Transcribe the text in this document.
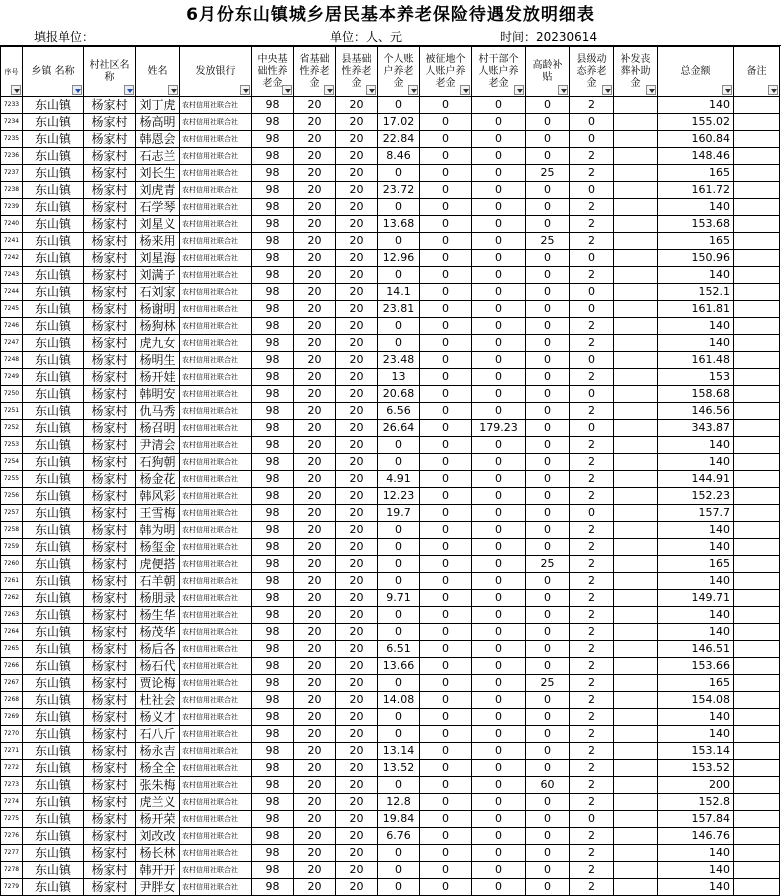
6月份东山镇城乡居民基本养老保险待遇发放明细表
填报单位：	单位：人、元	时间：20230614
序号	乡镇 名称	村社区名称	姓名	发放银行	中央基础性养老金	省基础性养老金	县基础性养老金	个人账户养老金	被征地个人账户养老金	村干部个人账户养老金	高龄补贴	县级动态养老金	补发丧葬补助金	总金额	备注

7233	东山镇	杨家村	刘丁虎	农村信用社联合社	98	20	20	0	0	0	0	2		140	
7234	东山镇	杨家村	杨高明	农村信用社联合社	98	20	20	17.02	0	0	0	0		155.02	
7235	东山镇	杨家村	韩恩会	农村信用社联合社	98	20	20	22.84	0	0	0	0		160.84	
7236	东山镇	杨家村	石志兰	农村信用社联合社	98	20	20	8.46	0	0	0	2		148.46	
7237	东山镇	杨家村	刘长生	农村信用社联合社	98	20	20	0	0	0	25	2		165	
7238	东山镇	杨家村	刘虎青	农村信用社联合社	98	20	20	23.72	0	0	0	0		161.72	
7239	东山镇	杨家村	石学琴	农村信用社联合社	98	20	20	0	0	0	0	2		140	
7240	东山镇	杨家村	刘星义	农村信用社联合社	98	20	20	13.68	0	0	0	2		153.68	
7241	东山镇	杨家村	杨来用	农村信用社联合社	98	20	20	0	0	0	25	2		165	
7242	东山镇	杨家村	刘星海	农村信用社联合社	98	20	20	12.96	0	0	0	0		150.96	
7243	东山镇	杨家村	刘满子	农村信用社联合社	98	20	20	0	0	0	0	2		140	
7244	东山镇	杨家村	石刘家	农村信用社联合社	98	20	20	14.1	0	0	0	0		152.1	
7245	东山镇	杨家村	杨谢明	农村信用社联合社	98	20	20	23.81	0	0	0	0		161.81	
7246	东山镇	杨家村	杨狗林	农村信用社联合社	98	20	20	0	0	0	0	2		140	
7247	东山镇	杨家村	虎九女	农村信用社联合社	98	20	20	0	0	0	0	2		140	
7248	东山镇	杨家村	杨明生	农村信用社联合社	98	20	20	23.48	0	0	0	0		161.48	
7249	东山镇	杨家村	杨开娃	农村信用社联合社	98	20	20	13	0	0	0	2		153	
7250	东山镇	杨家村	韩明安	农村信用社联合社	98	20	20	20.68	0	0	0	0		158.68	
7251	东山镇	杨家村	仇马秀	农村信用社联合社	98	20	20	6.56	0	0	0	2		146.56	
7252	东山镇	杨家村	杨召明	农村信用社联合社	98	20	20	26.64	0	179.23	0	0		343.87	
7253	东山镇	杨家村	尹清会	农村信用社联合社	98	20	20	0	0	0	0	2		140	
7254	东山镇	杨家村	石狗朝	农村信用社联合社	98	20	20	0	0	0	0	2		140	
7255	东山镇	杨家村	杨金花	农村信用社联合社	98	20	20	4.91	0	0	0	2		144.91	
7256	东山镇	杨家村	韩风彩	农村信用社联合社	98	20	20	12.23	0	0	0	2		152.23	
7257	东山镇	杨家村	王雪梅	农村信用社联合社	98	20	20	19.7	0	0	0	0		157.7	
7258	东山镇	杨家村	韩为明	农村信用社联合社	98	20	20	0	0	0	0	2		140	
7259	东山镇	杨家村	杨玺金	农村信用社联合社	98	20	20	0	0	0	0	2		140	
7260	东山镇	杨家村	虎便搭	农村信用社联合社	98	20	20	0	0	0	25	2		165	
7261	东山镇	杨家村	石羊朝	农村信用社联合社	98	20	20	0	0	0	0	2		140	
7262	东山镇	杨家村	杨朋录	农村信用社联合社	98	20	20	9.71	0	0	0	2		149.71	
7263	东山镇	杨家村	杨生华	农村信用社联合社	98	20	20	0	0	0	0	2		140	
7264	东山镇	杨家村	杨茂华	农村信用社联合社	98	20	20	0	0	0	0	2		140	
7265	东山镇	杨家村	杨后各	农村信用社联合社	98	20	20	6.51	0	0	0	2		146.51	
7266	东山镇	杨家村	杨石代	农村信用社联合社	98	20	20	13.66	0	0	0	2		153.66	
7267	东山镇	杨家村	贾论梅	农村信用社联合社	98	20	20	0	0	0	25	2		165	
7268	东山镇	杨家村	杜社会	农村信用社联合社	98	20	20	14.08	0	0	0	2		154.08	
7269	东山镇	杨家村	杨义才	农村信用社联合社	98	20	20	0	0	0	0	2		140	
7270	东山镇	杨家村	石八斤	农村信用社联合社	98	20	20	0	0	0	0	2		140	
7271	东山镇	杨家村	杨永吉	农村信用社联合社	98	20	20	13.14	0	0	0	2		153.14	
7272	东山镇	杨家村	杨全全	农村信用社联合社	98	20	20	13.52	0	0	0	2		153.52	
7273	东山镇	杨家村	张朱梅	农村信用社联合社	98	20	20	0	0	0	60	2		200	
7274	东山镇	杨家村	虎兰义	农村信用社联合社	98	20	20	12.8	0	0	0	2		152.8	
7275	东山镇	杨家村	杨开荣	农村信用社联合社	98	20	20	19.84	0	0	0	0		157.84	
7276	东山镇	杨家村	刘改改	农村信用社联合社	98	20	20	6.76	0	0	0	2		146.76	
7277	东山镇	杨家村	杨长林	农村信用社联合社	98	20	20	0	0	0	0	2		140	
7278	东山镇	杨家村	韩开开	农村信用社联合社	98	20	20	0	0	0	0	2		140	
7279	东山镇	杨家村	尹胖女	农村信用社联合社	98	20	20	0	0	0	0	2		140	
